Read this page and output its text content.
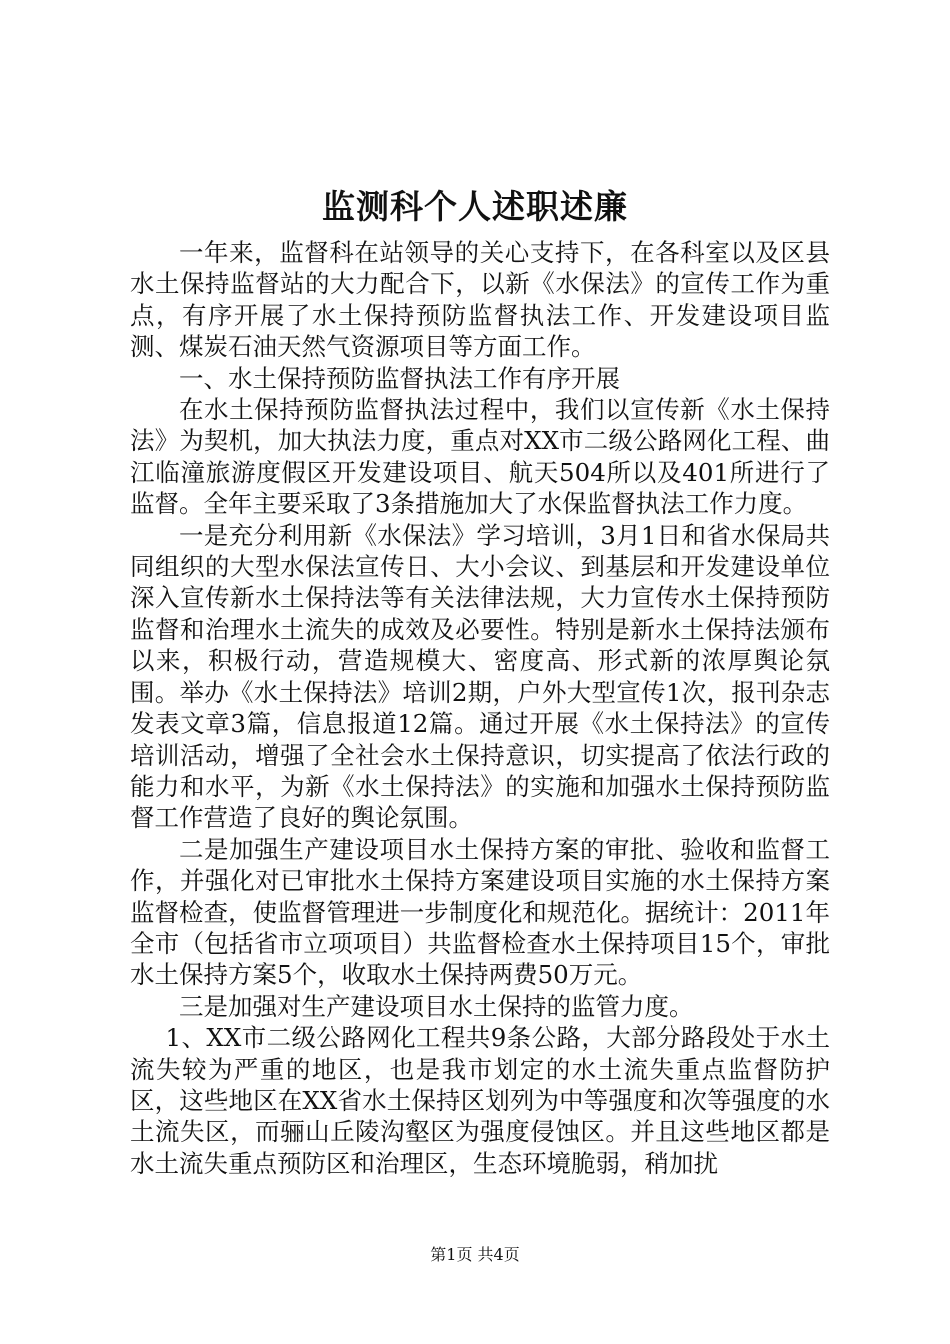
监测科个人述职述廉

一年来，监督科在站领导的关心支持下，在各科室以及区县水土保持监督站的大力配合下，以新《水保法》的宣传工作为重点，有序开展了水土保持预防监督执法工作、开发建设项目监测、煤炭石油天然气资源项目等方面工作。

一、水土保持预防监督执法工作有序开展

在水土保持预防监督执法过程中，我们以宣传新《水土保持法》为契机，加大执法力度，重点对XX市二级公路网化工程、曲江临潼旅游度假区开发建设项目、航天504所以及401所进行了监督。全年主要采取了3条措施加大了水保监督执法工作力度。

一是充分利用新《水保法》学习培训，3月1日和省水保局共同组织的大型水保法宣传日、大小会议、到基层和开发建设单位深入宣传新水土保持法等有关法律法规，大力宣传水土保持预防监督和治理水土流失的成效及必要性。特别是新水土保持法颁布以来，积极行动，营造规模大、密度高、形式新的浓厚舆论氛围。举办《水土保持法》培训2期，户外大型宣传1次，报刊杂志发表文章3篇，信息报道12篇。通过开展《水土保持法》的宣传培训活动，增强了全社会水土保持意识，切实提高了依法行政的能力和水平，为新《水土保持法》的实施和加强水土保持预防监督工作营造了良好的舆论氛围。

二是加强生产建设项目水土保持方案的审批、验收和监督工作，并强化对已审批水土保持方案建设项目实施的水土保持方案监督检查，使监督管理进一步制度化和规范化。据统计：2011年全市（包括省市立项项目）共监督检查水土保持项目15个，审批水土保持方案5个，收取水土保持两费50万元。

三是加强对生产建设项目水土保持的监管力度。

1、XX市二级公路网化工程共9条公路，大部分路段处于水土流失较为严重的地区，也是我市划定的水土流失重点监督防护区，这些地区在XX省水土保持区划列为中等强度和次等强度的水土流失区，而骊山丘陵沟壑区为强度侵蚀区。并且这些地区都是水土流失重点预防区和治理区，生态环境脆弱，稍加扰

第1页 共4页
